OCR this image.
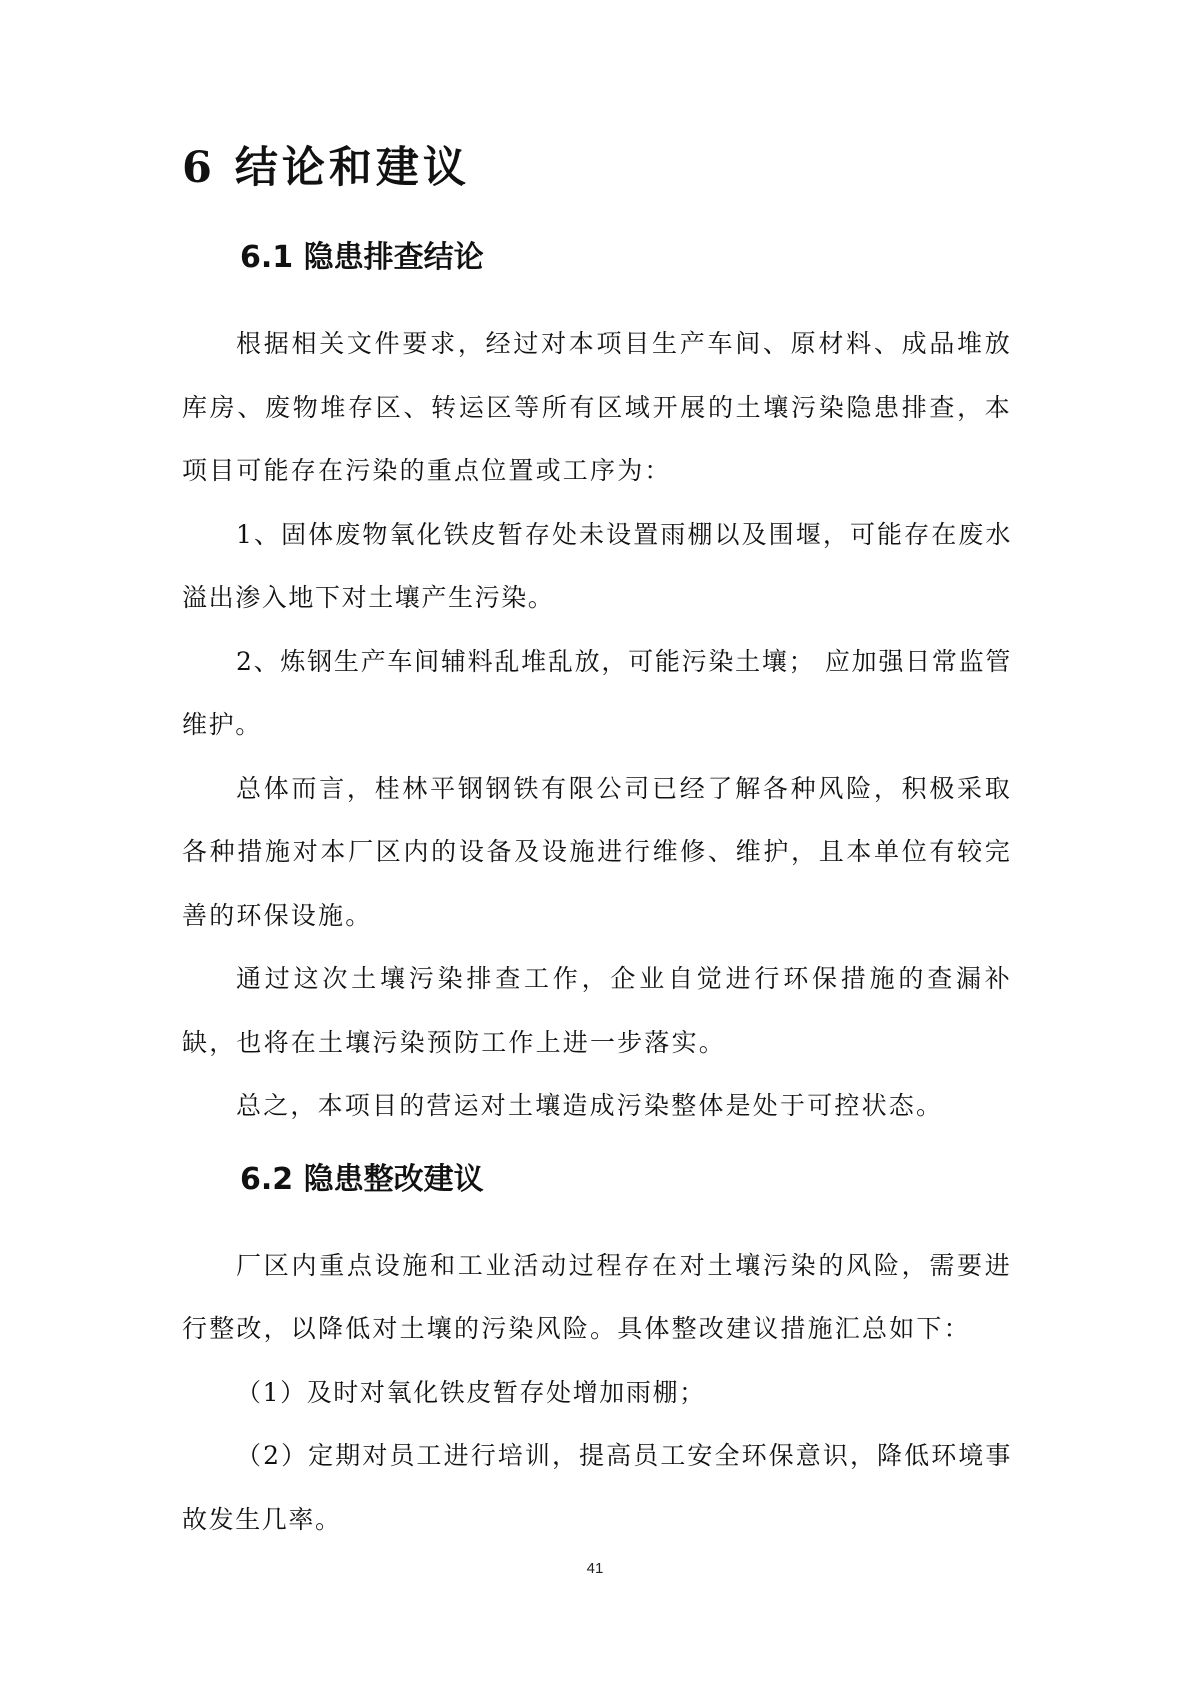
6 结论和建议
6.1 隐患排查结论

根据相关文件要求，经过对本项目生产车间、原材料、成品堆放库房、废物堆存区、转运区等所有区域开展的土壤污染隐患排查，本项目可能存在污染的重点位置或工序为：

1、固体废物氧化铁皮暂存处未设置雨棚以及围堰，可能存在废水溢出渗入地下对土壤产生污染。

2、炼钢生产车间辅料乱堆乱放，可能污染土壤； 应加强日常监管维护。

总体而言，桂林平钢钢铁有限公司已经了解各种风险，积极采取各种措施对本厂区内的设备及设施进行维修、维护，且本单位有较完善的环保设施。

通过这次土壤污染排查工作，企业自觉进行环保措施的查漏补缺，也将在土壤污染预防工作上进一步落实。

总之，本项目的营运对土壤造成污染整体是处于可控状态。

6.2 隐患整改建议

厂区内重点设施和工业活动过程存在对土壤污染的风险，需要进行整改，以降低对土壤的污染风险。具体整改建议措施汇总如下：

（1）及时对氧化铁皮暂存处增加雨棚；

（2）定期对员工进行培训，提高员工安全环保意识，降低环境事故发生几率。

41
